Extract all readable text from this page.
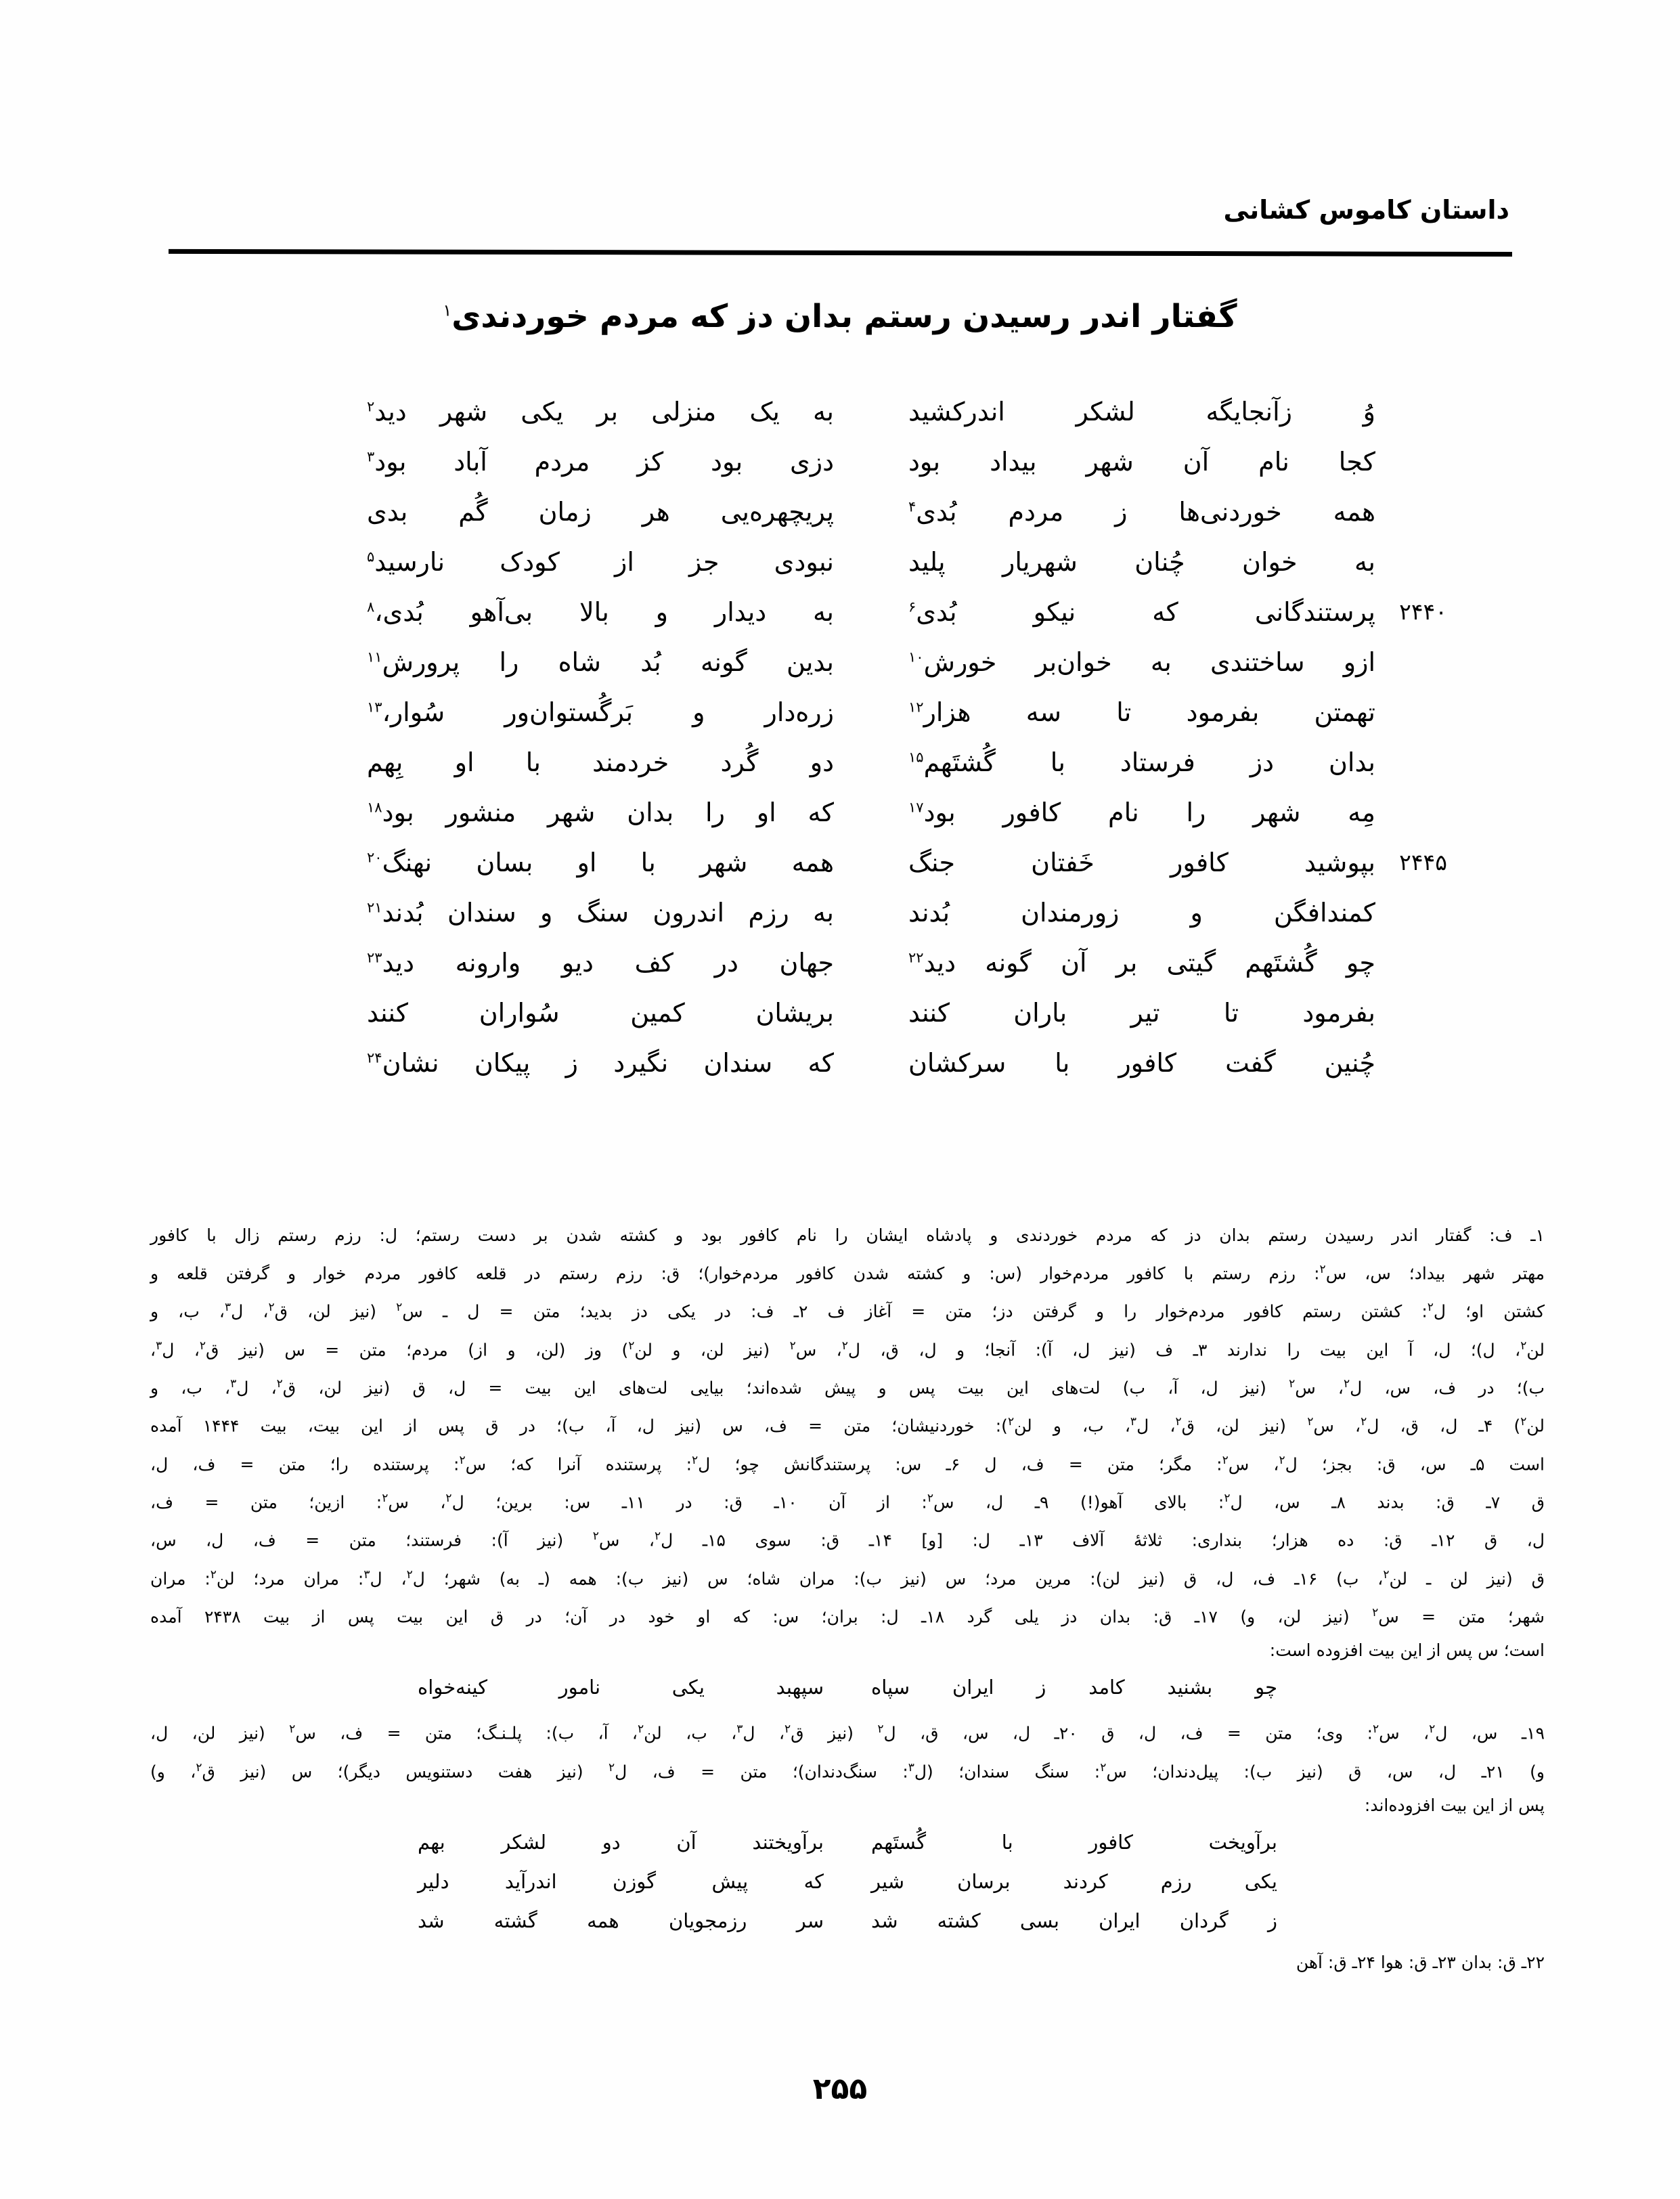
داستان کاموس کشانی
گفتار اندر رسیدن رستم بدان دز که مردم خوردندی$^۱$
وُ زآنجایگه لشکر اندرکشید
به یک منزلی بر یکی شهر دید$^۲$
کجا نام آن شهر بیداد بود
دزی بود کز مردم آباد بود$^۳$
همه خوردنی‌ها ز مردم بُدی$^۴$
پریچهره‌یی هر زمان گُم بدی
به خوان چُنان شهریار پلید
نبودی جز از کودک نارسید$^۵$
۲۴۴۰
پرستندگانی که نیکو بُدی$^۶$
به دیدار و بالا بی‌آهو بُدی،$^۸$
ازو ساختندی به خوان‌بر خورش$^{۱۰}$
بدین گونه بُد شاه را پرورش$^{۱۱}$
تهمتن بفرمود تا سه هزار$^{۱۲}$
زره‌دار و بَرگُستوان‌ور سُوار،$^{۱۳}$
بدان دز فرستاد با گُشتَهم$^{۱۵}$
دو گُرد خردمند با او بِهم
مِه شهر را نام کافور بود$^{۱۷}$
که او را بدان شهر منشور بود$^{۱۸}$
۲۴۴۵
بپوشید کافور خَفتان جنگ
همه شهر با او بسان نهنگ$^{۲۰}$
کمندافگن و زورمندان بُدند
به رزم اندرون سنگ و سندان بُدند$^{۲۱}$
چو گُشتَهم گیتی بر آن گونه دید$^{۲۲}$
جهان در کف دیو وارونه دید$^{۲۳}$
بفرمود تا تیر باران کنند
بریشان کمین سُواران کنند
چُنین گفت کافور با سرکشان
که سندان نگیرد ز پیکان نشان$^{۲۴}$

۱ـ ف: گفتار اندر رسیدن رستم بدان دز که مردم خوردندی و پادشاه ایشان را نام کافور بود و کشته شدن بر دست رستم؛ ل: رزم رستم زال با کافور

مهتر شهر بیداد؛ س، س$^۲$: رزم رستم با کافور مردم‌خوار (س: و کشته شدن کافور مردم‌خوار)؛ ق: رزم رستم در قلعه کافور مردم خوار و گرفتن قلعه و

کشتن او؛ ل$^۲$: کشتن رستم کافور مردم‌خوار را و گرفتن دز؛ متن = آغاز ف ۲ـ ف: در یکی دز بدید؛ متن = ل ـ س$^۲$ (نیز لن، ق$^۲$، ل$^۳$، ب، و

لن$^۲$، ل)؛ ل، آ این بیت را ندارند ۳ـ ف (نیز ل، آ): آنجا؛ و ل، ق، ل$^۲$، س$^۲$ (نیز لن، و لن$^۲$) وز (لن، و از) مردم؛ متن = س (نیز ق$^۲$، ل$^۳$،

ب)؛ در ف، س، ل$^۲$، س$^۲$ (نیز ل، آ، ب) لت‌های این بیت پس و پیش شده‌اند؛ بیایی لت‌های این بیت = ل، ق (نیز لن، ق$^۲$، ل$^۳$، ب، و

لن$^۲$) ۴ـ ل، ق، ل$^۲$، س$^۲$ (نیز لن، ق$^۲$، ل$^۳$، ب، و لن$^۲$): خوردنیشان؛ متن = ف، س (نیز ل، آ، ب)؛ در ق پس از این بیت، بیت ۱۴۴۴ آمده

است ۵ـ س، ق: بجز؛ ل$^۲$، س$^۲$: مگر؛ متن = ف، ل ۶ـ س: پرستندگانش چو؛ ل$^۲$: پرستنده آنرا که؛ س$^۲$: پرستنده را؛ متن = ف، ل،

ق ۷ـ ق: بدند ۸ـ س، ل$^۲$: بالای آهو(!) ۹ـ ل، س$^۲$: از آن ۱۰ـ ق: در ۱۱ـ س: برین؛ ل$^۲$، س$^۲$: ازین؛ متن = ف،

ل، ق ۱۲ـ ق: ده هزار؛ بنداری: ثلاثهٔ آلاف ۱۳ـ ل: [و] ۱۴ـ ق: سوی ۱۵ـ ل$^۲$، س$^۲$ (نیز آ): فرستند؛ متن = ف، ل، س،

ق (نیز لن ـ لن$^۲$، ب) ۱۶ـ ف، ل، ق (نیز لن): مرین مرد؛ س (نیز ب): مران شاه؛ س (نیز ب): همه (ـ به) شهر؛ ل$^۲$، ل$^۳$: مران مرد؛ لن$^۲$: مران

شهر؛ متن = س$^۲$ (نیز لن، و) ۱۷ـ ق: بدان دز یلی گرد ۱۸ـ ل: بران؛ س: که او خود در آن؛ در ق این بیت پس از بیت ۲۴۳۸ آمده

است؛ س پس از این بیت افزوده است:

چو بشنید کامد ز ایران سپاه
سپهبد یکی نامور کینه‌خواه

۱۹ـ س، ل$^۲$، س$^۲$: وی؛ متن = ف، ل، ق ۲۰ـ ل، س، ق، ل$^۲$ (نیز ق$^۲$، ل$^۳$، ب، لن$^۲$، آ، ب): پلـنـگ؛ متن = ف، س$^۲$ (نیز لن، ل،

و) ۲۱ـ ل، س، ق (نیز ب): پیل‌دندان؛ س$^۲$: سنگ سندان؛ (ل$^۳$: سنگ‌دندان)؛ متن = ف، ل$^۲$ (نیز هفت دستنویس دیگر)؛ س (نیز ق$^۲$، و)

پس از این بیت افزوده‌اند:

برآویخت کافور با گُستَهم
برآویختند آن دو لشکر بهم
یکی رزم کردند برسان شیر
که پیش گوزن اندرآید دلیر
ز گردان ایران بسی کشته شد
سر رزمجویان همه گشته شد

۲۲ـ ق: بدان ۲۳ـ ق: هوا ۲۴ـ ق: آهن

۲۵۵
